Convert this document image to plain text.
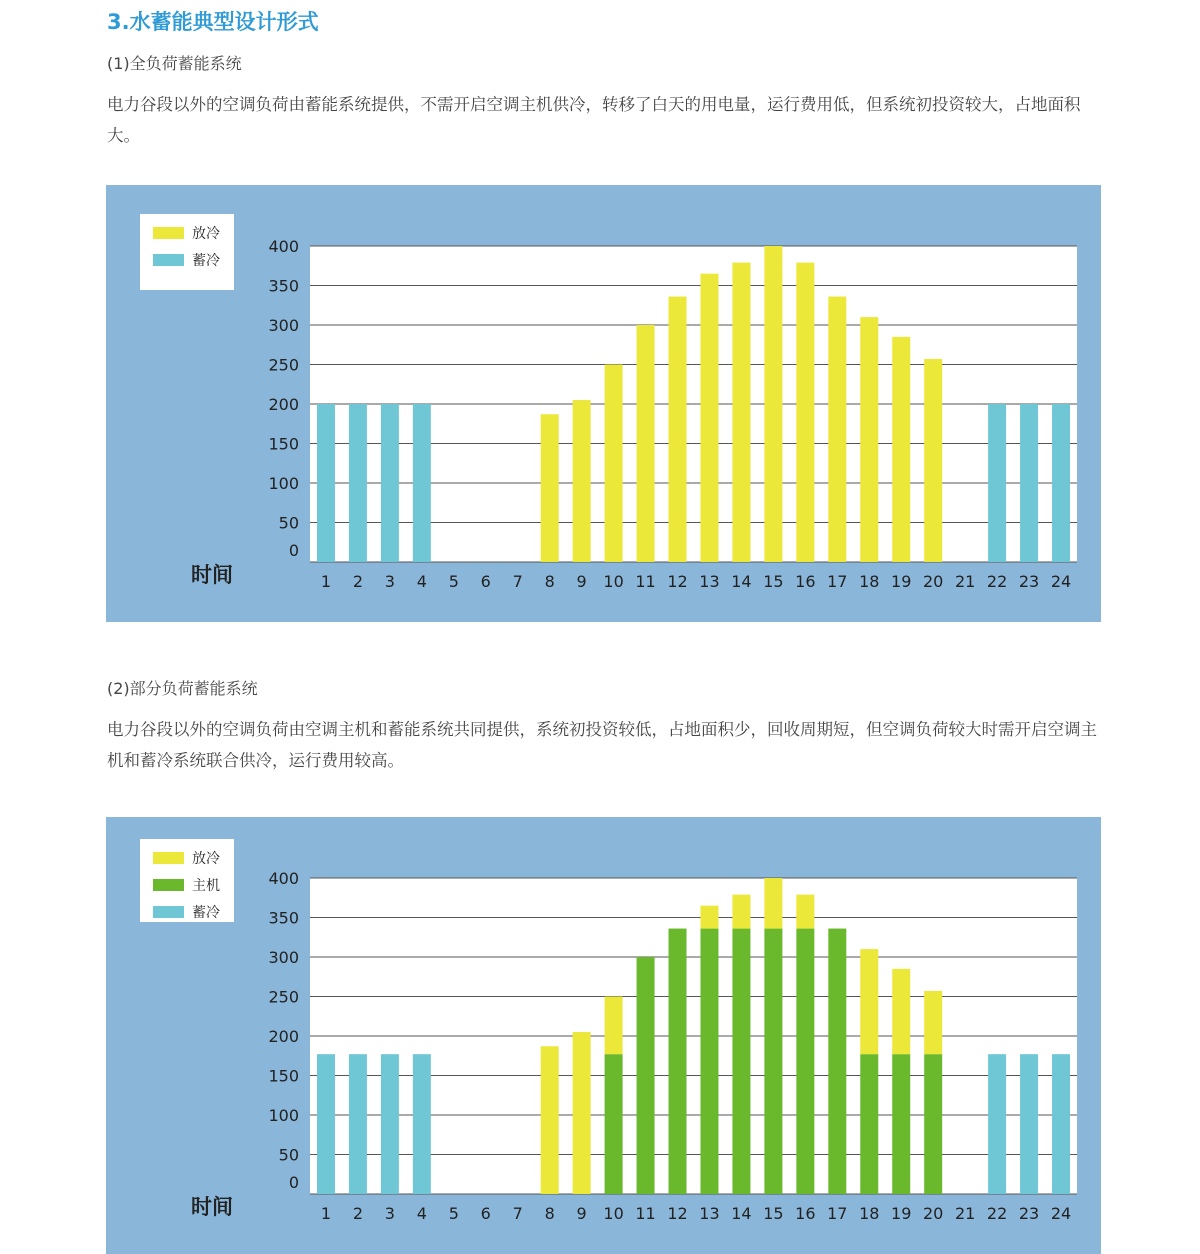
3.水蓄能典型设计形式

(1)全负荷蓄能系统

电力谷段以外的空调负荷由蓄能系统提供，不需开启空调主机供冷，转移了白天的用电量，运行费用低，但系统初投资较大，占地面积大。

0
50
100
150
200
250
300
350
400
1 2 3 4 5 6 7 8 9 10 11 12 13 14 15 16 17 18 19 20 21 22 23 24
时间
放冷
蓄冷

(2)部分负荷蓄能系统

电力谷段以外的空调负荷由空调主机和蓄能系统共同提供，系统初投资较低，占地面积少，回收周期短，但空调负荷较大时需开启空调主机和蓄冷系统联合供冷，运行费用较高。

0
50
100
150
200
250
300
350
400
1 2 3 4 5 6 7 8 9 10 11 12 13 14 15 16 17 18 19 20 21 22 23 24
时间
放冷
主机
蓄冷
